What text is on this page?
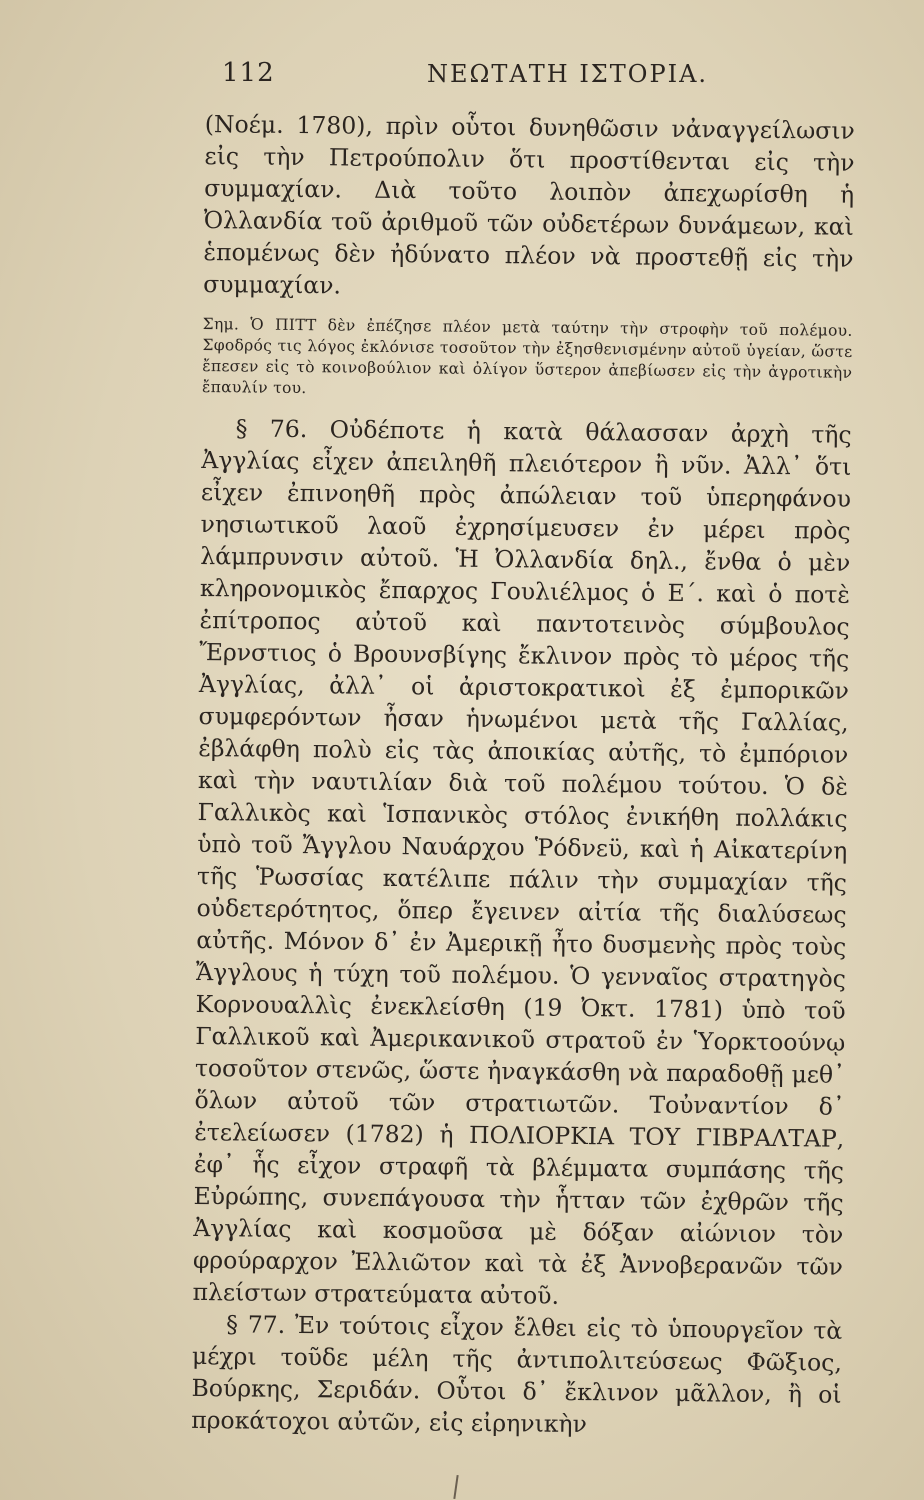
112	ΝΕΩΤΑΤΗ ΙΣΤΟΡΙΑ.

(Νοέμ. 1780), πρὶν οὗτοι δυνηθῶσιν νἀναγγείλωσιν εἰς τὴν Πετρούπολιν ὅτι προστίθενται εἰς τὴν συμμαχίαν. Διὰ τοῦτο λοιπὸν ἀπεχωρίσθη ἡ Ὀλλανδία τοῦ ἀριθμοῦ τῶν οὐδετέρων δυνάμεων, καὶ ἑπομένως δὲν ἠδύνατο πλέον νὰ προστεθῇ εἰς τὴν συμμαχίαν.

Σημ. Ὁ ΠΙΤΤ δὲν ἐπέζησε πλέον μετὰ ταύτην τὴν στροφὴν τοῦ πολέμου. Σφοδρός τις λόγος ἐκλόνισε τοσοῦτον τὴν ἐξησθενισμένην αὐτοῦ ὑγείαν, ὥστε ἔπεσεν εἰς τὸ κοινοβούλιον καὶ ὀλίγον ὕστερον ἀπεβίωσεν εἰς τὴν ἀγροτικὴν ἔπαυλίν του.

§ 76. Οὐδέποτε ἡ κατὰ θάλασσαν ἀρχὴ τῆς Ἀγγλίας εἶχεν ἀπειληθῆ πλειότερον ἢ νῦν. Ἀλλ᾽ ὅτι εἶχεν ἐπινοηθῆ πρὸς ἀπώλειαν τοῦ ὑπερηφάνου νησιωτικοῦ λαοῦ ἐχρησίμευσεν ἐν μέρει πρὸς λάμπρυνσιν αὐτοῦ. Ἡ Ὀλλανδία δηλ., ἔνθα ὁ μὲν κληρονομικὸς ἔπαρχος Γουλιέλμος ὁ Ε΄. καὶ ὁ ποτὲ ἐπίτροπος αὐτοῦ καὶ παντοτεινὸς σύμβουλος Ἔρνστιος ὁ Βρουνσβίγης ἔκλινον πρὸς τὸ μέρος τῆς Ἀγγλίας, ἀλλ᾽ οἱ ἀριστοκρατικοὶ ἐξ ἐμπορικῶν συμφερόντων ἦσαν ἡνωμένοι μετὰ τῆς Γαλλίας, ἐβλάφθη πολὺ εἰς τὰς ἀποικίας αὐτῆς, τὸ ἐμπόριον καὶ τὴν ναυτιλίαν διὰ τοῦ πολέμου τούτου. Ὁ δὲ Γαλλικὸς καὶ Ἱσπανικὸς στόλος ἐνικήθη πολλάκις ὑπὸ τοῦ Ἄγγλου Ναυάρχου Ῥόδνεϋ, καὶ ἡ Αἰκατερίνη τῆς Ῥωσσίας κατέλιπε πάλιν τὴν συμμαχίαν τῆς οὐδετερότητος, ὅπερ ἔγεινεν αἰτία τῆς διαλύσεως αὐτῆς. Μόνον δ᾽ ἐν Ἀμερικῇ ἦτο δυσμενὴς πρὸς τοὺς Ἄγγλους ἡ τύχη τοῦ πολέμου. Ὁ γενναῖος στρατηγὸς Κορνουαλλὶς ἐνεκλείσθη (19 Ὀκτ. 1781) ὑπὸ τοῦ Γαλλικοῦ καὶ Ἀμερικανικοῦ στρατοῦ ἐν Ὑορκτοούνῳ τοσοῦτον στενῶς, ὥστε ἠναγκάσθη νὰ παραδοθῇ μεθ᾽ ὅλων αὐτοῦ τῶν στρατιωτῶν. Τοὐναντίον δ᾽ ἐτελείωσεν (1782) ἡ ΠΟΛΙΟΡΚΙΑ ΤΟΥ ΓΙΒΡΑΛΤΑΡ, ἐφ᾽ ἧς εἶχον στραφῆ τὰ βλέμματα συμπάσης τῆς Εὐρώπης, συνεπάγουσα τὴν ἧτταν τῶν ἐχθρῶν τῆς Ἀγγλίας καὶ κοσμοῦσα μὲ δόξαν αἰώνιον τὸν φρούραρχον Ἐλλιῶτον καὶ τὰ ἐξ Ἀννοβερανῶν τῶν πλείστων στρατεύματα αὐτοῦ.

§ 77. Ἐν τούτοις εἶχον ἔλθει εἰς τὸ ὑπουργεῖον τὰ μέχρι τοῦδε μέλη τῆς ἀντιπολιτεύσεως Φῶξιος, Βούρκης, Σεριδάν. Οὗτοι δ᾽ ἔκλινον μᾶλλον, ἢ οἱ προκάτοχοι αὐτῶν, εἰς εἰρηνικὴν
